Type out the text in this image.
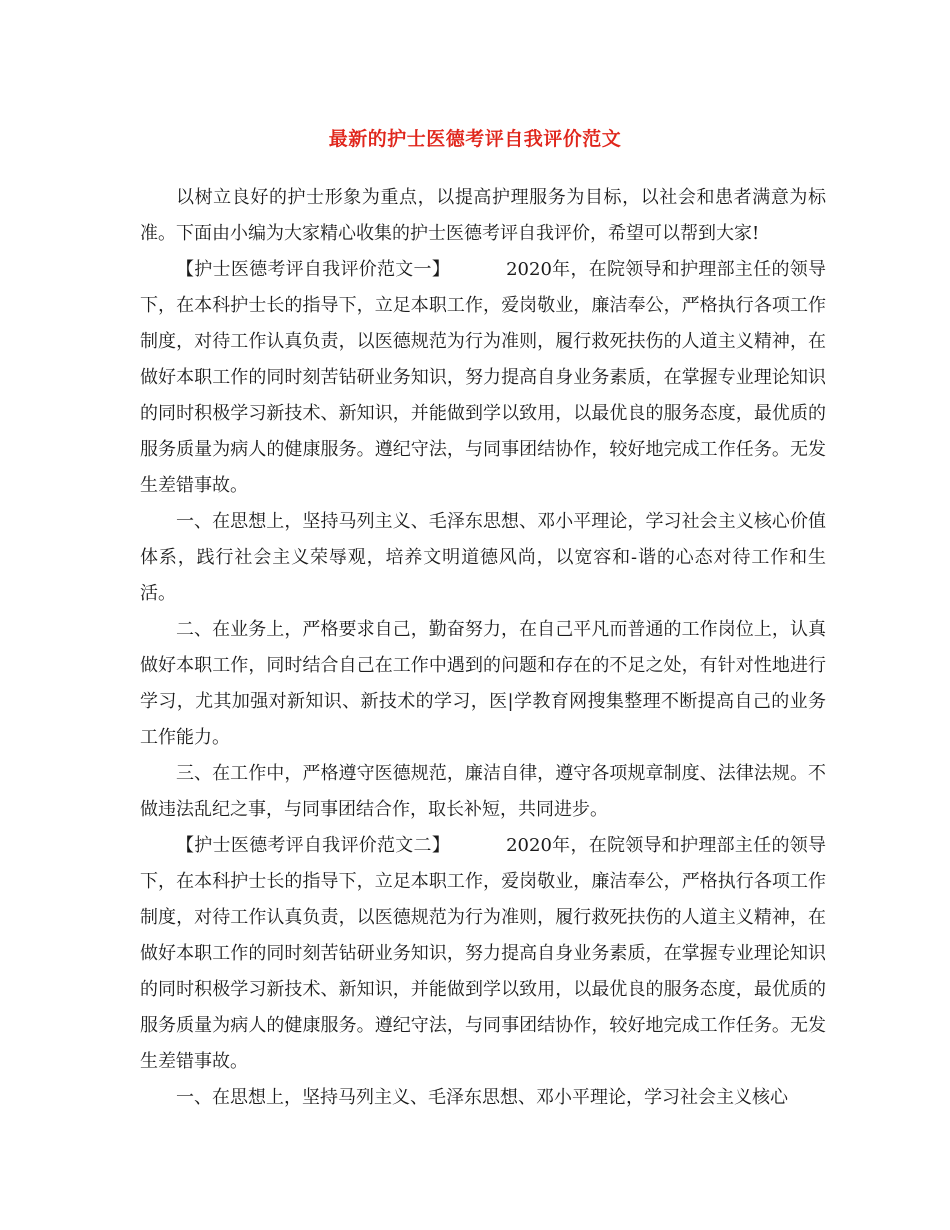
最新的护士医德考评自我评价范文

以树立良好的护士形象为重点，以提高护理服务为目标，以社会和患者满意为标准。下面由小编为大家精心收集的护士医德考评自我评价，希望可以帮到大家!

【护士医德考评自我评价范文一】	2020年，在院领导和护理部主任的领导下，在本科护士长的指导下，立足本职工作，爱岗敬业，廉洁奉公，严格执行各项工作制度，对待工作认真负责，以医德规范为行为准则，履行救死扶伤的人道主义精神，在做好本职工作的同时刻苦钻研业务知识，努力提高自身业务素质，在掌握专业理论知识的同时积极学习新技术、新知识，并能做到学以致用，以最优良的服务态度，最优质的服务质量为病人的健康服务。遵纪守法，与同事团结协作，较好地完成工作任务。无发生差错事故。

一、在思想上，坚持马列主义、毛泽东思想、邓小平理论，学习社会主义核心价值体系，践行社会主义荣辱观，培养文明道德风尚，以宽容和-谐的心态对待工作和生活。

二、在业务上，严格要求自己，勤奋努力，在自己平凡而普通的工作岗位上，认真做好本职工作，同时结合自己在工作中遇到的问题和存在的不足之处，有针对性地进行学习，尤其加强对新知识、新技术的学习，医|学教育网搜集整理不断提高自己的业务工作能力。

三、在工作中，严格遵守医德规范，廉洁自律，遵守各项规章制度、法律法规。不做违法乱纪之事，与同事团结合作，取长补短，共同进步。

【护士医德考评自我评价范文二】	2020年，在院领导和护理部主任的领导下，在本科护士长的指导下，立足本职工作，爱岗敬业，廉洁奉公，严格执行各项工作制度，对待工作认真负责，以医德规范为行为准则，履行救死扶伤的人道主义精神，在做好本职工作的同时刻苦钻研业务知识，努力提高自身业务素质，在掌握专业理论知识的同时积极学习新技术、新知识，并能做到学以致用，以最优良的服务态度，最优质的服务质量为病人的健康服务。遵纪守法，与同事团结协作，较好地完成工作任务。无发生差错事故。

一、在思想上，坚持马列主义、毛泽东思想、邓小平理论，学习社会主义核心
